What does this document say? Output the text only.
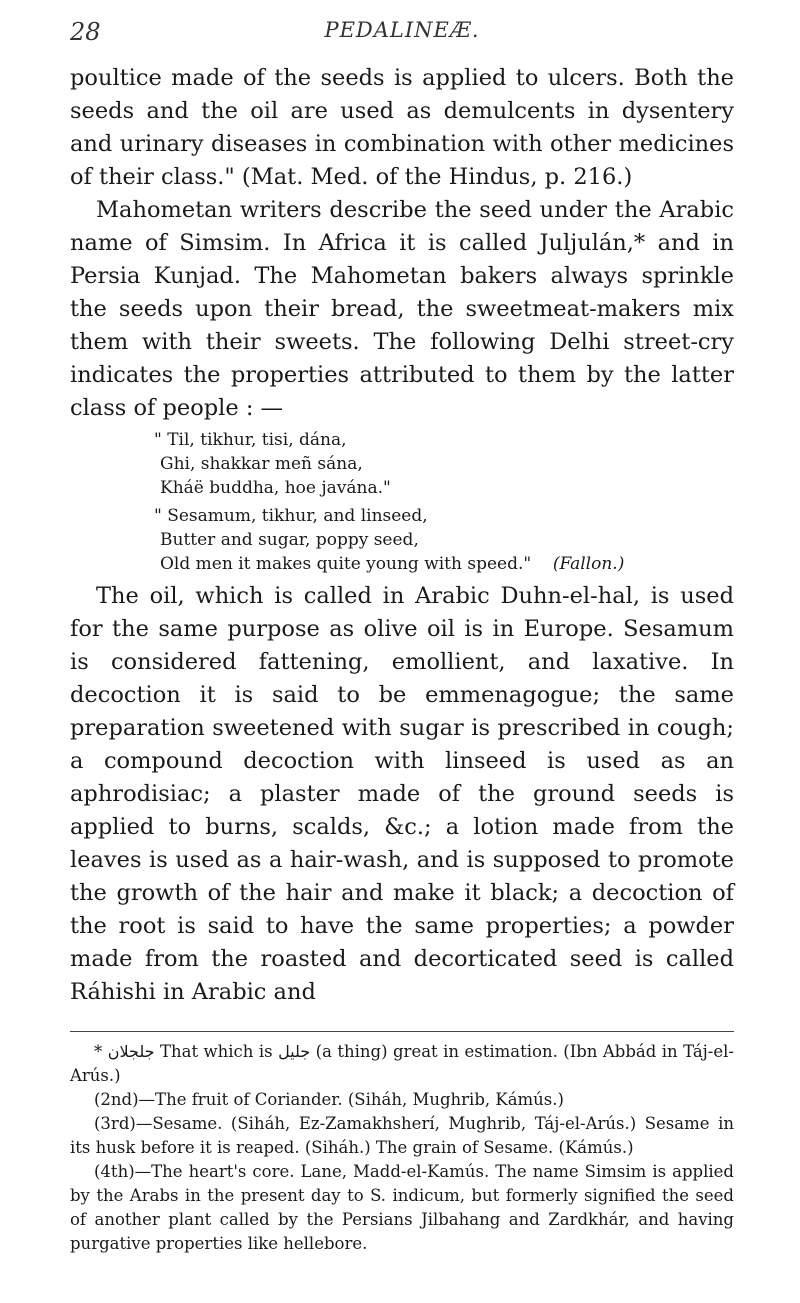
28	PEDALINEÆ.

poultice made of the seeds is applied to ulcers. Both the seeds and the oil are used as demulcents in dysentery and urinary diseases in combination with other medicines of their class." (Mat. Med. of the Hindus, p. 216.)

Mahometan writers describe the seed under the Arabic name of Simsim. In Africa it is called Juljulán,* and in Persia Kunjad. The Mahometan bakers always sprinkle the seeds upon their bread, the sweetmeat-makers mix them with their sweets. The following Delhi street-cry indicates the properties attributed to them by the latter class of people : —

" Til, tikhur, tisi, dána,
Ghi, shakkar meñ sána,
Kháë buddha, hoe javána."
" Sesamum, tikhur, and linseed,
Butter and sugar, poppy seed,
Old men it makes quite young with speed." (Fallon.)

The oil, which is called in Arabic Duhn-el-hal, is used for the same purpose as olive oil is in Europe. Sesamum is considered fattening, emollient, and laxative. In decoction it is said to be emmenagogue; the same preparation sweetened with sugar is prescribed in cough; a compound decoction with linseed is used as an aphrodisiac; a plaster made of the ground seeds is applied to burns, scalds, &c.; a lotion made from the leaves is used as a hair-wash, and is supposed to promote the growth of the hair and make it black; a decoction of the root is said to have the same properties; a powder made from the roasted and decorticated seed is called Ráhishi in Arabic and

* جلجلان That which is جليل (a thing) great in estimation. (Ibn Abbád in Táj-el-Arús.)

(2nd)—The fruit of Coriander. (Siháh, Mughrib, Kámús.)

(3rd)—Sesame. (Siháh, Ez-Zamakhsherí, Mughrib, Táj-el-Arús.) Sesame in its husk before it is reaped. (Siháh.) The grain of Sesame. (Kámús.)

(4th)—The heart's core. Lane, Madd-el-Kamús. The name Simsim is applied by the Arabs in the present day to S. indicum, but formerly signified the seed of another plant called by the Persians Jilbahang and Zardkhár, and having purgative properties like hellebore.
